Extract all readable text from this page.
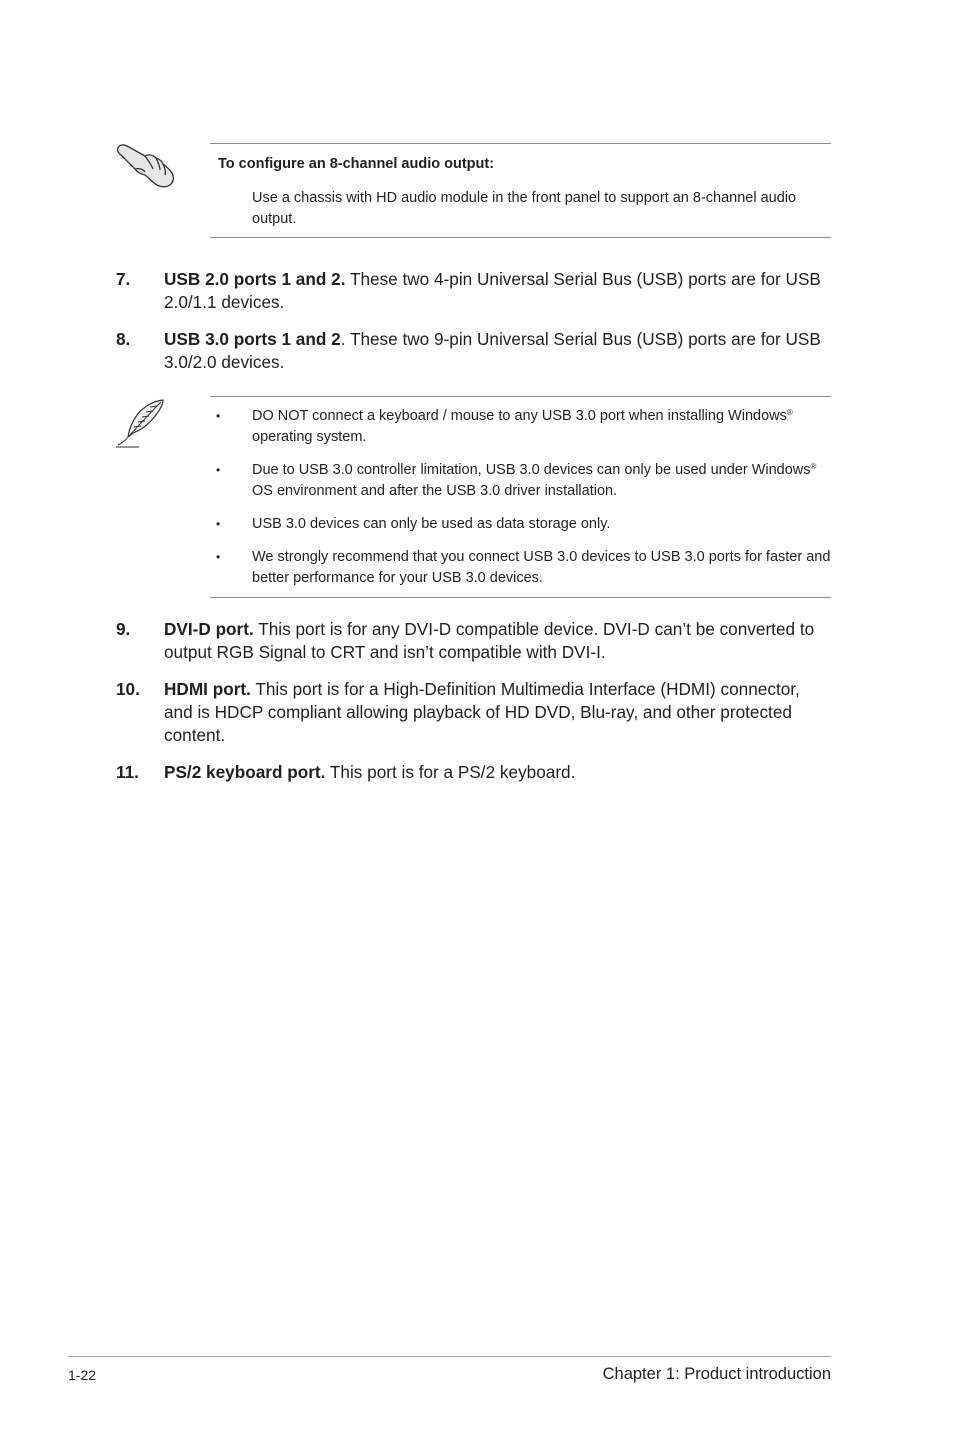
To configure an 8-channel audio output:
Use a chassis with HD audio module in the front panel to support an 8-channel audio output.
7. USB 2.0 ports 1 and 2. These two 4-pin Universal Serial Bus (USB) ports are for USB 2.0/1.1 devices.
8. USB 3.0 ports 1 and 2. These two 9-pin Universal Serial Bus (USB) ports are for USB 3.0/2.0 devices.
• DO NOT connect a keyboard / mouse to any USB 3.0 port when installing Windows® operating system.
• Due to USB 3.0 controller limitation, USB 3.0 devices can only be used under Windows® OS environment and after the USB 3.0 driver installation.
• USB 3.0 devices can only be used as data storage only.
• We strongly recommend that you connect USB 3.0 devices to USB 3.0 ports for faster and better performance for your USB 3.0 devices.
9. DVI-D port. This port is for any DVI-D compatible device. DVI-D can’t be converted to output RGB Signal to CRT and isn’t compatible with DVI-I.
10. HDMI port. This port is for a High-Definition Multimedia Interface (HDMI) connector, and is HDCP compliant allowing playback of HD DVD, Blu-ray, and other protected content.
11. PS/2 keyboard port. This port is for a PS/2 keyboard.
1-22	Chapter 1: Product introduction
